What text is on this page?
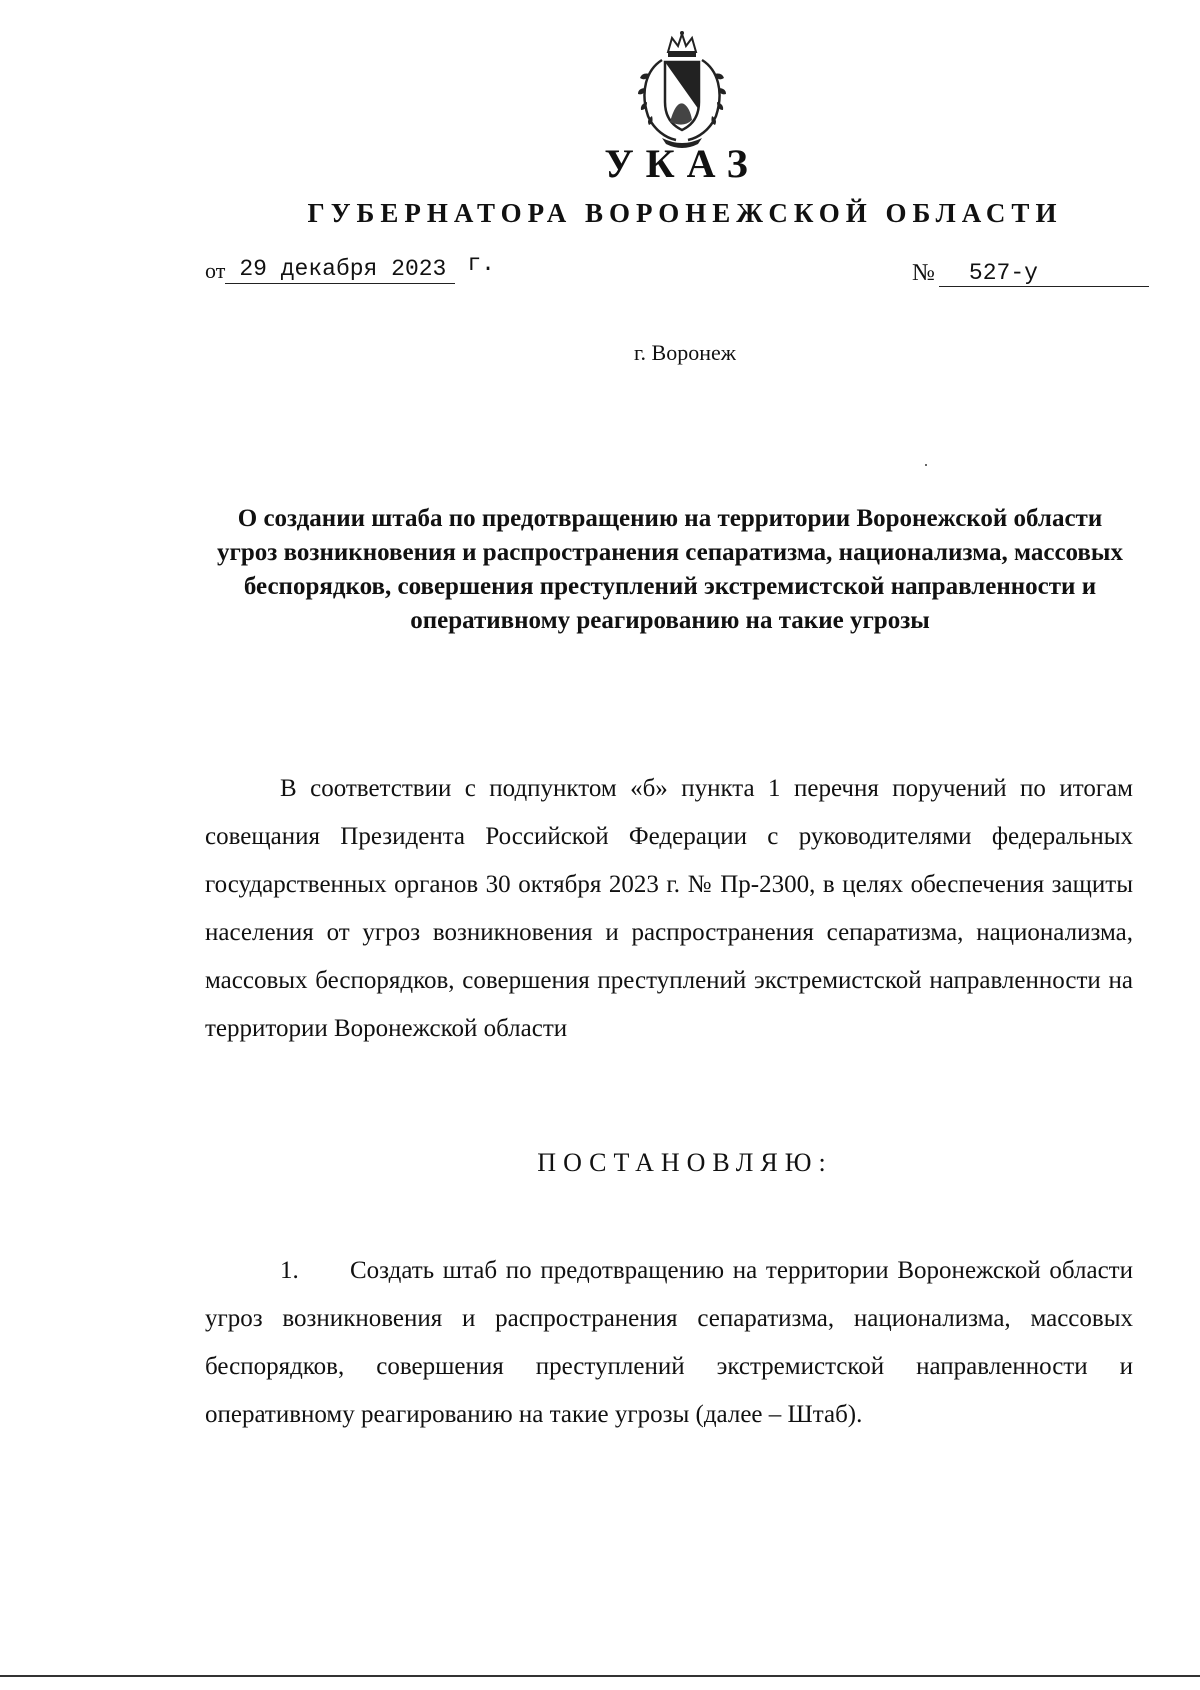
УКАЗ
ГУБЕРНАТОРА ВОРОНЕЖСКОЙ ОБЛАСТИ
от 29 декабря 2023 г.	№ 527-у

г. Воронеж

О создании штаба по предотвращению на территории Воронежской области угроз возникновения и распространения сепаратизма, национализма, массовых беспорядков, совершения преступлений экстремистской направленности и оперативному реагированию на такие угрозы

В соответствии с подпунктом «б» пункта 1 перечня поручений по итогам совещания Президента Российской Федерации с руководителями федеральных государственных органов 30 октября 2023 г. № Пр-2300, в целях обеспечения защиты населения от угроз возникновения и распространения сепаратизма, национализма, массовых беспорядков, совершения преступлений экстремистской направленности на территории Воронежской области

ПОСТАНОВЛЯЮ:

1. Создать штаб по предотвращению на территории Воронежской области угроз возникновения и распространения сепаратизма, национализма, массовых беспорядков, совершения преступлений экстремистской направленности и оперативному реагированию на такие угрозы (далее – Штаб).
